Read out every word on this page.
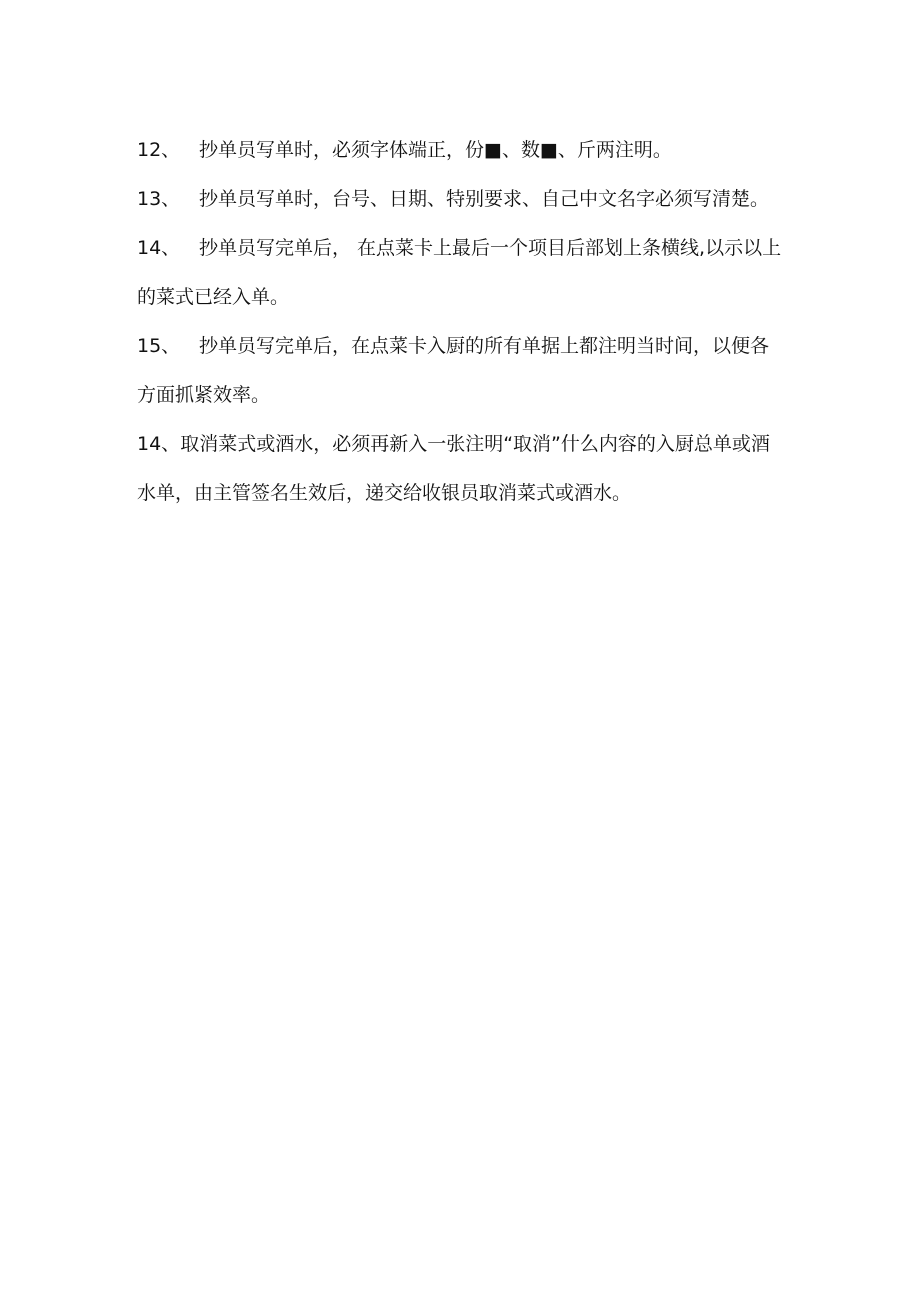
12、 抄单员写单时，必须字体端正，份■、数■、斤两注明。

13、 抄单员写单时，台号、日期、特别要求、自己中文名字必须写清楚。

14、 抄单员写完单后， 在点菜卡上最后一个项目后部划上条横线,以示以上的菜式已经入单。

15、 抄单员写完单后，在点菜卡入厨的所有单据上都注明当时间，以便各方面抓紧效率。

14、取消菜式或酒水，必须再新入一张注明“取消”什么内容的入厨总单或酒水单，由主管签名生效后，递交给收银员取消菜式或酒水。
